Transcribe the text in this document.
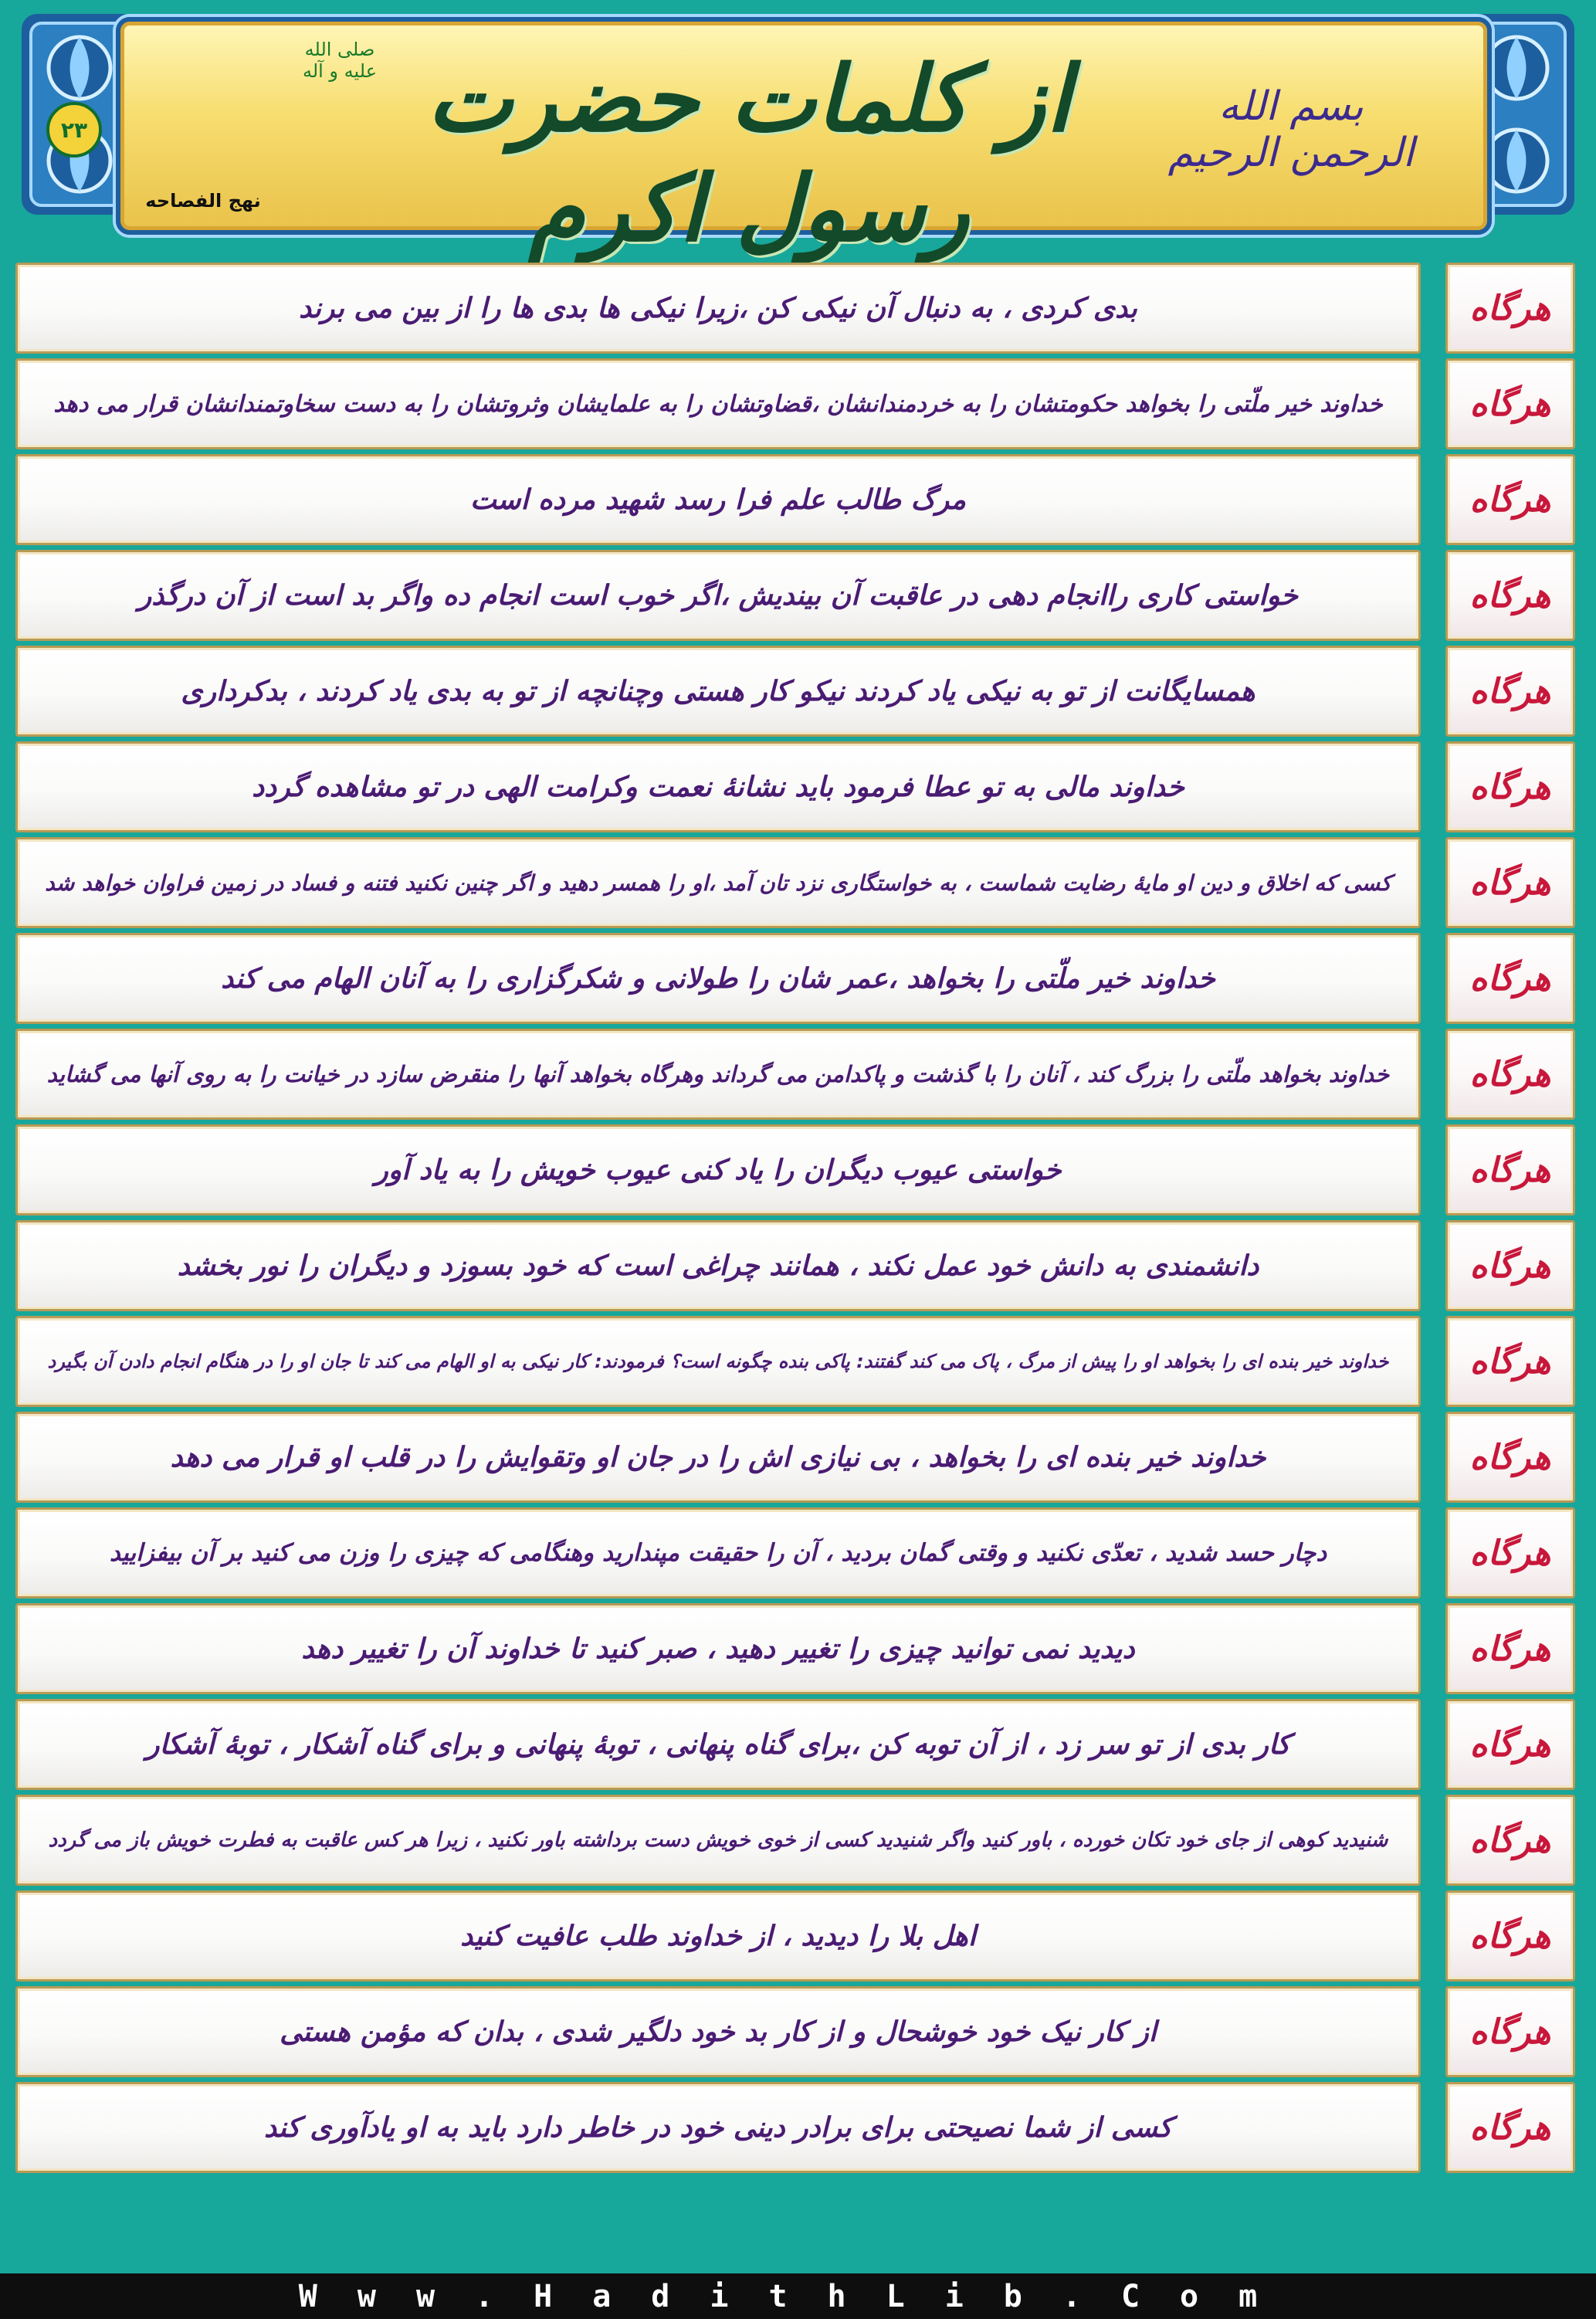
۲۳
صلی الله علیه و آله از کلمات حضرت رسول اکرم
بسم الله الرحمن الرحیم
نهج الفصاحه
بدی کردی ، به دنبال آن نیکی کن ،زیرا نیکی ها بدی ها را از بین می برند	هرگاه
خداوند خیر ملّتی را بخواهد حکومتشان را به خردمندانشان ،قضاوتشان را به علمایشان وثروتشان را به دست سخاوتمندانشان قرار می دهد	هرگاه
مرگ طالب علم فرا رسد شهید مرده است	هرگاه
خواستی کاری راانجام دهی در عاقبت آن بیندیش ،اگر خوب است انجام ده واگر بد است از آن درگذر	هرگاه
همسایگانت از تو به نیکی یاد کردند نیکو کار هستی وچنانچه از تو به بدی یاد کردند ، بدکرداری	هرگاه
خداوند مالی به تو عطا فرمود باید نشانۀ نعمت وکرامت الهی در تو مشاهده گردد	هرگاه
کسی که اخلاق و دین او مایۀ رضایت شماست ، به خواستگاری نزد تان آمد ،او را همسر دهید و اگر چنین نکنید فتنه و فساد در زمین فراوان خواهد شد	هرگاه
خداوند خیر ملّتی را بخواهد ،عمر شان را طولانی و شکرگزاری را به آنان الهام می کند	هرگاه
خداوند بخواهد ملّتی را بزرگ کند ، آنان را با گذشت و پاکدامن می گرداند وهرگاه بخواهد آنها را منقرض سازد در خیانت را به روی آنها می گشاید	هرگاه
خواستی عیوب دیگران را یاد کنی عیوب خویش را به یاد آور	هرگاه
دانشمندی به دانش خود عمل نکند ، همانند چراغی است که خود بسوزد و دیگران را نور بخشد	هرگاه
خداوند خیر بنده ای را بخواهد او را پیش از مرگ ، پاک می کند گفتند: پاکی بنده چگونه است؟ فرمودند: کار نیکی به او الهام می کند تا جان او را در هنگام انجام دادن آن بگیرد	هرگاه
خداوند خیر بنده ای را بخواهد ، بی نیازی اش را در جان او وتقوایش را در قلب او قرار می دهد	هرگاه
دچار حسد شدید ، تعدّی نکنید و وقتی گمان بردید ، آن را حقیقت مپندارید وهنگامی که چیزی را وزن می کنید بر آن بیفزایید	هرگاه
دیدید نمی توانید چیزی را تغییر دهید ، صبر کنید تا خداوند آن را تغییر دهد	هرگاه
کار بدی از تو سر زد ، از آن توبه کن ،برای گناه پنهانی ، توبۀ پنهانی و برای گناه آشکار ، توبۀ آشکار	هرگاه
شنیدید کوهی از جای خود تکان خورده ، باور کنید واگر شنیدید کسی از خوی خویش دست برداشته باور نکنید ، زیرا هر کس عاقبت به فطرت خویش باز می گردد	هرگاه
اهل بلا را دیدید ، از خداوند طلب عافیت کنید	هرگاه
از کار نیک خود خوشحال و از کار بد خود دلگیر شدی ، بدان که مؤمن هستی	هرگاه
کسی از شما نصیحتی برای برادر دینی خود در خاطر دارد باید به او یادآوری کند	هرگاه
Www.HadithLib.Com
